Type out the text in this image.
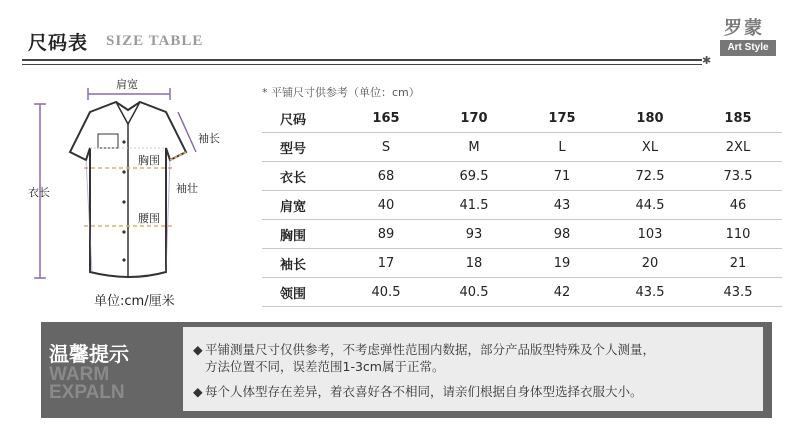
尺码表 SIZE TABLE
✱
罗蒙
Art Style
肩宽
袖长
胸围
袖壮
衣长
腰围
单位:cm/厘米
* 平铺尺寸供参考（单位：cm）
尺码	165	170	175	180	185
型号	S	M	L	XL	2XL
衣长	68	69.5	71	72.5	73.5
肩宽	40	41.5	43	44.5	46
胸围	89	93	98	103	110
袖长	17	18	19	20	21
领围	40.5	40.5	42	43.5	43.5
温馨提示
WARM
EXPALN
◆ 平铺测量尺寸仅供参考，不考虑弹性范围内数据，部分产品版型特殊及个人测量，
方法位置不同，误差范围1-3cm属于正常。
◆ 每个人体型存在差异，着衣喜好各不相同，请亲们根据自身体型选择衣服大小。
